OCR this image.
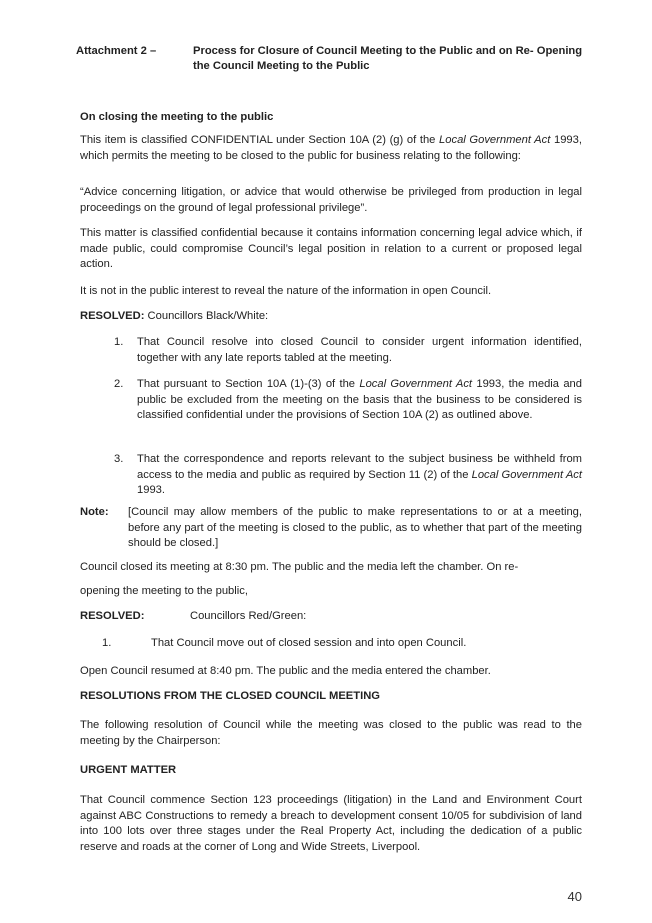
Attachment 2 –	Process for Closure of Council Meeting to the Public and on Re- Opening the Council Meeting to the Public
On closing the meeting to the public
This item is classified CONFIDENTIAL under Section 10A (2) (g) of the Local Government Act 1993, which permits the meeting to be closed to the public for business relating to the following:
“Advice concerning litigation, or advice that would otherwise be privileged from production in legal proceedings on the ground of legal professional privilege”.
This matter is classified confidential because it contains information concerning legal advice which, if made public, could compromise Council’s legal position in relation to a current or proposed legal action.
It is not in the public interest to reveal the nature of the information in open Council.
RESOLVED: Councillors Black/White:
1. That Council resolve into closed Council to consider urgent information identified, together with any late reports tabled at the meeting.
2. That pursuant to Section 10A (1)-(3) of the Local Government Act 1993, the media and public be excluded from the meeting on the basis that the business to be considered is classified confidential under the provisions of Section 10A (2) as outlined above.
3. That the correspondence and reports relevant to the subject business be withheld from access to the media and public as required by Section 11 (2) of the Local Government Act 1993.
Note: [Council may allow members of the public to make representations to or at a meeting, before any part of the meeting is closed to the public, as to whether that part of the meeting should be closed.]
Council closed its meeting at 8:30 pm. The public and the media left the chamber. On re-
opening the meeting to the public,
RESOLVED:	Councillors Red/Green:
1.	That Council move out of closed session and into open Council.
Open Council resumed at 8:40 pm. The public and the media entered the chamber.
RESOLUTIONS FROM THE CLOSED COUNCIL MEETING
The following resolution of Council while the meeting was closed to the public was read to the meeting by the Chairperson:
URGENT MATTER
That Council commence Section 123 proceedings (litigation) in the Land and Environment Court against ABC Constructions to remedy a breach to development consent 10/05 for subdivision of land into 100 lots over three stages under the Real Property Act, including the dedication of a public reserve and roads at the corner of Long and Wide Streets, Liverpool.
40
